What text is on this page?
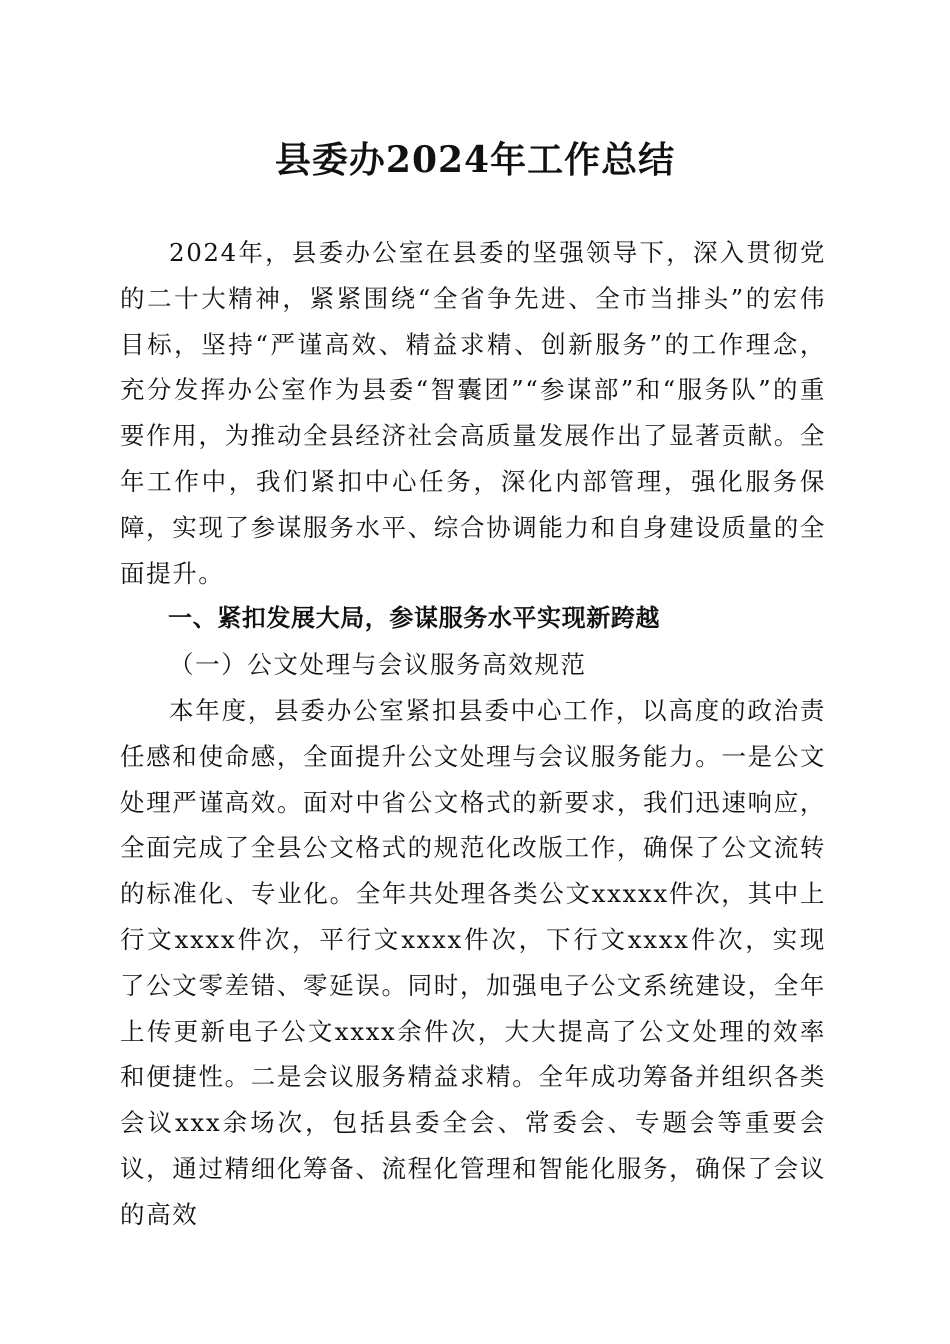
县委办2024年工作总结

2024年，县委办公室在县委的坚强领导下，深入贯彻党的二十大精神，紧紧围绕“全省争先进、全市当排头”的宏伟目标，坚持“严谨高效、精益求精、创新服务”的工作理念，充分发挥办公室作为县委“智囊团”“参谋部”和“服务队”的重要作用，为推动全县经济社会高质量发展作出了显著贡献。全年工作中，我们紧扣中心任务，深化内部管理，强化服务保障，实现了参谋服务水平、综合协调能力和自身建设质量的全面提升。

一、紧扣发展大局，参谋服务水平实现新跨越

（一）公文处理与会议服务高效规范

本年度，县委办公室紧扣县委中心工作，以高度的政治责任感和使命感，全面提升公文处理与会议服务能力。一是公文处理严谨高效。面对中省公文格式的新要求，我们迅速响应，全面完成了全县公文格式的规范化改版工作，确保了公文流转的标准化、专业化。全年共处理各类公文xxxxx件次，其中上行文xxxx件次，平行文xxxx件次，下行文xxxx件次，实现了公文零差错、零延误。同时，加强电子公文系统建设，全年上传更新电子公文xxxx余件次，大大提高了公文处理的效率和便捷性。二是会议服务精益求精。全年成功筹备并组织各类会议xxx余场次，包括县委全会、常委会、专题会等重要会议，通过精细化筹备、流程化管理和智能化服务，确保了会议的高效
